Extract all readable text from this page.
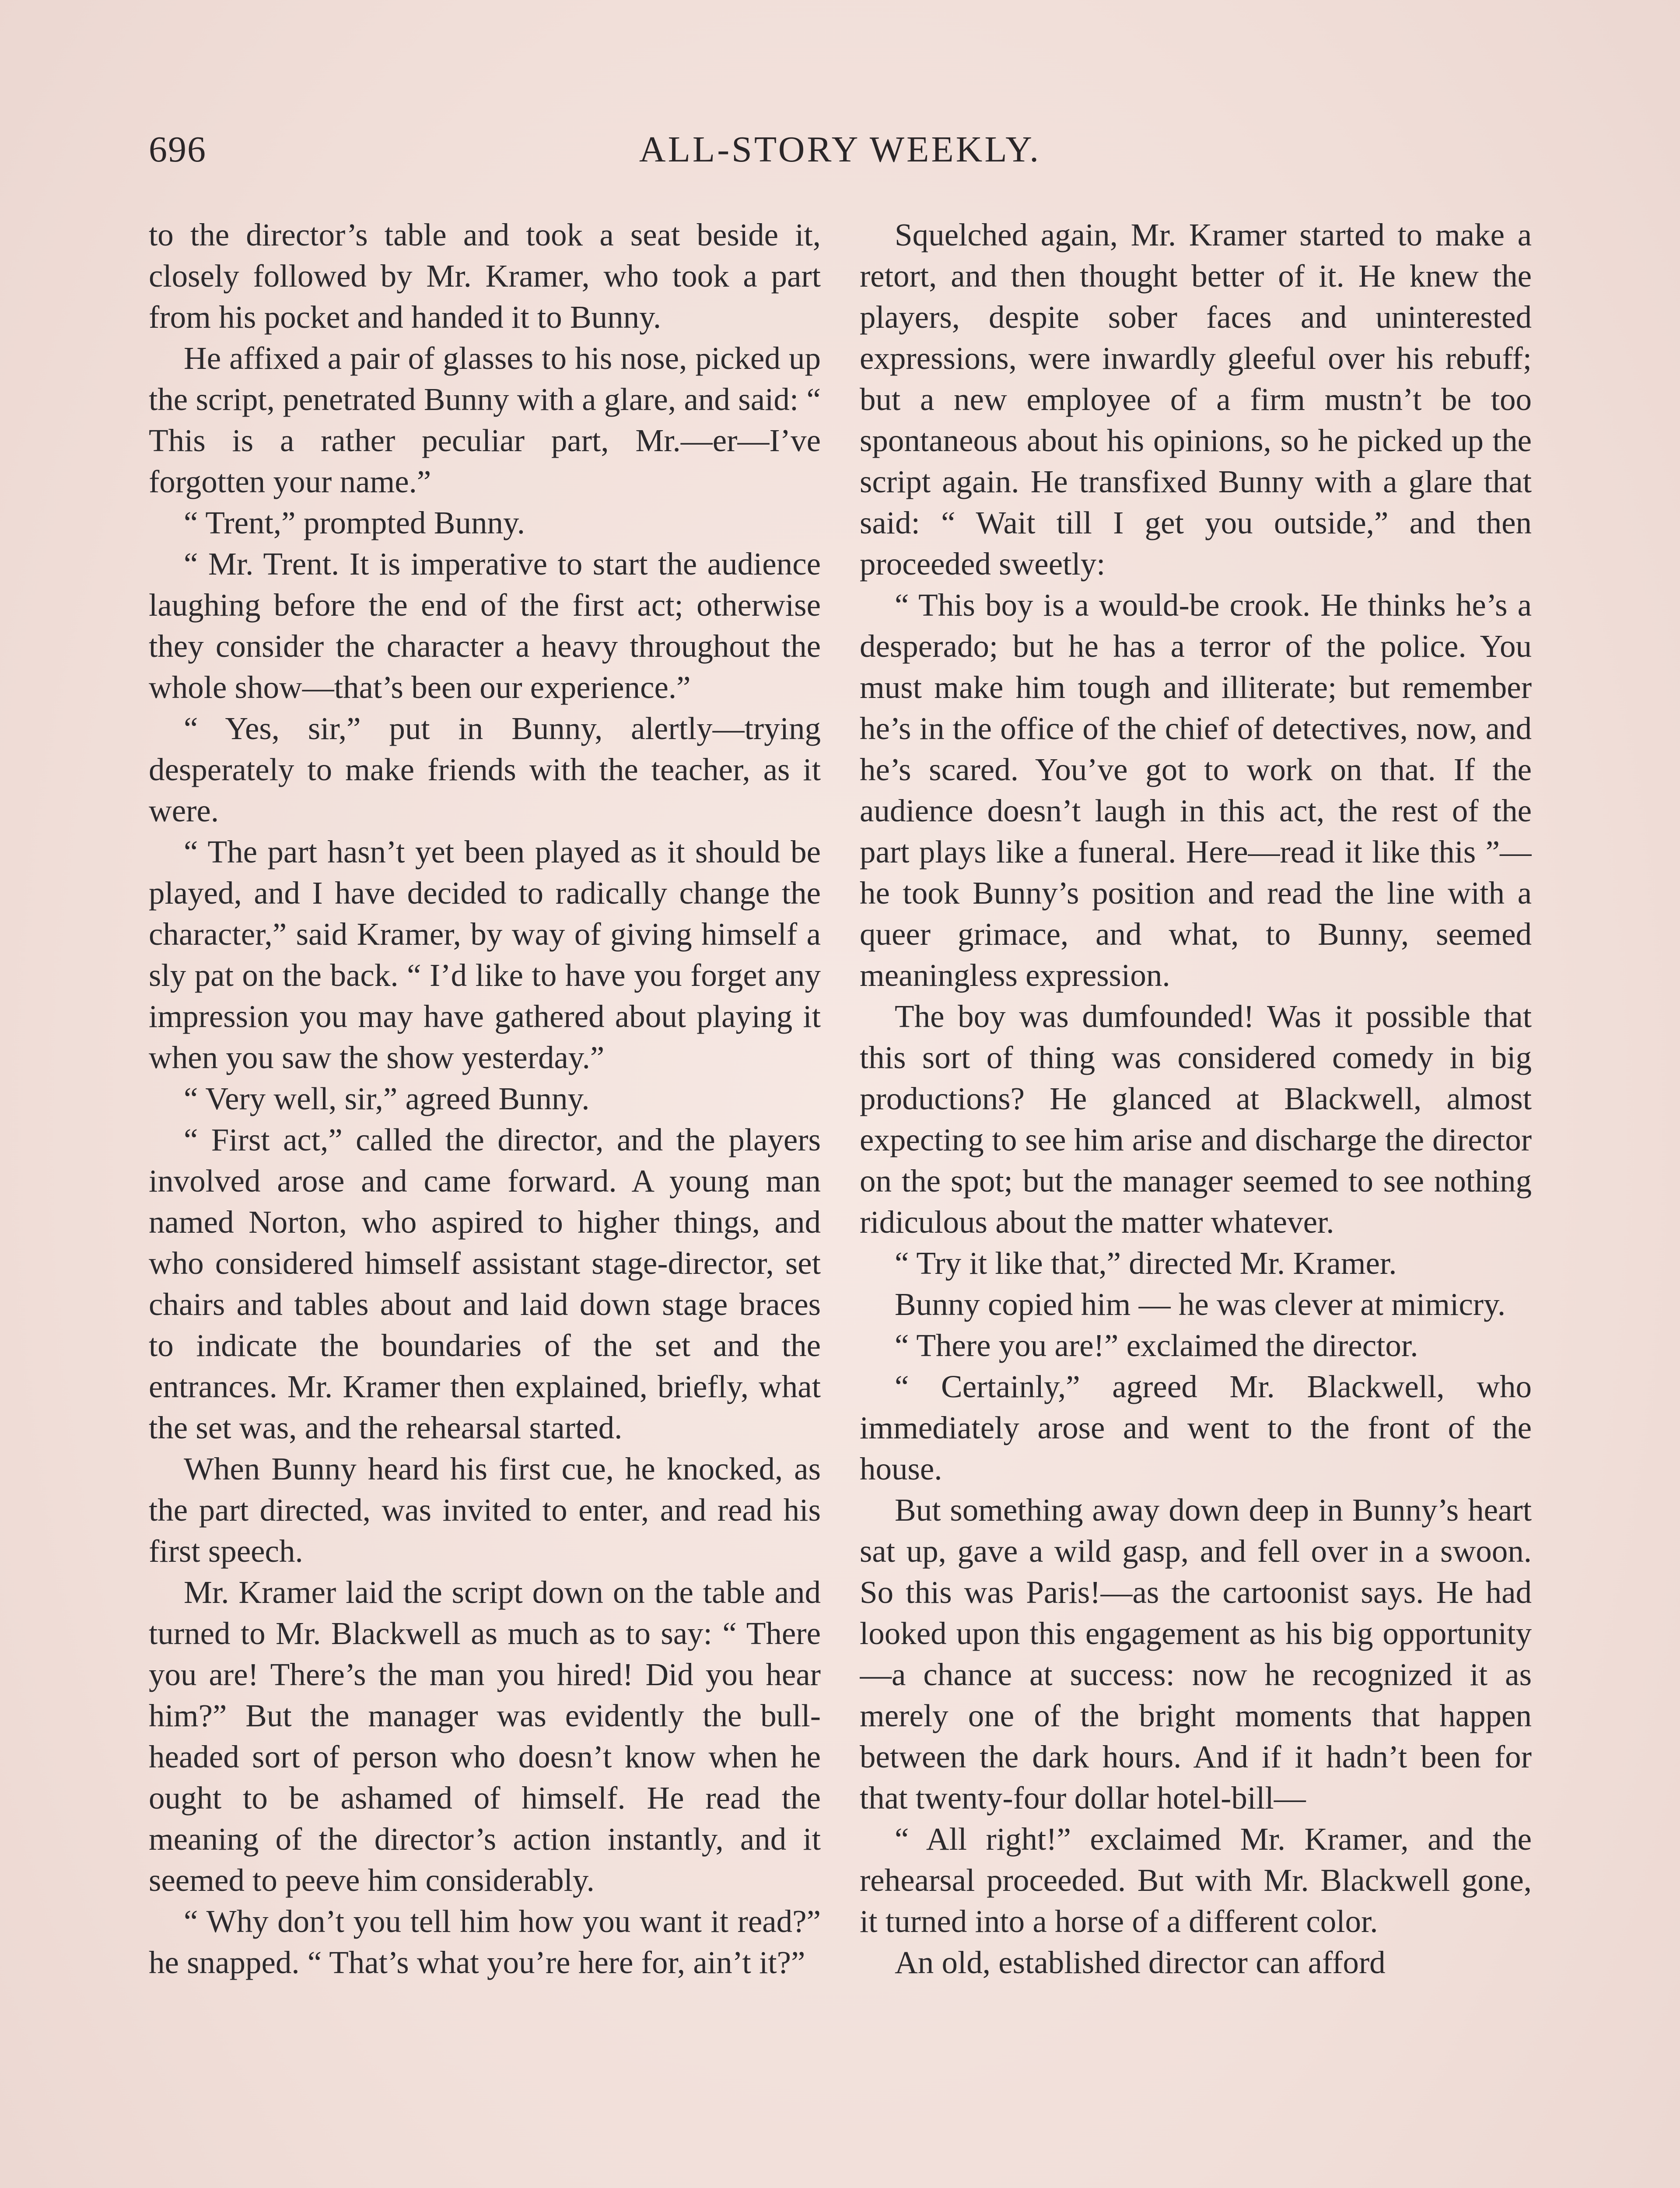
696	ALL-STORY WEEKLY.

to the director’s table and took a seat beside it, closely followed by Mr. Kramer, who took a part from his pocket and handed it to Bunny.

He affixed a pair of glasses to his nose, picked up the script, penetrated Bunny with a glare, and said: “ This is a rather peculiar part, Mr.—er—I’ve forgotten your name.”

“ Trent,” prompted Bunny.

“ Mr. Trent. It is imperative to start the audience laughing before the end of the first act; otherwise they consider the character a heavy throughout the whole show—that’s been our experience.”

“ Yes, sir,” put in Bunny, alertly—trying desperately to make friends with the teacher, as it were.

“ The part hasn’t yet been played as it should be played, and I have decided to radically change the character,” said Kramer, by way of giving himself a sly pat on the back. “ I’d like to have you forget any impression you may have gathered about playing it when you saw the show yesterday.”

“ Very well, sir,” agreed Bunny.

“ First act,” called the director, and the players involved arose and came forward. A young man named Norton, who aspired to higher things, and who considered himself assistant stage-director, set chairs and tables about and laid down stage braces to indicate the boundaries of the set and the entrances. Mr. Kramer then explained, briefly, what the set was, and the rehearsal started.

When Bunny heard his first cue, he knocked, as the part directed, was invited to enter, and read his first speech.

Mr. Kramer laid the script down on the table and turned to Mr. Blackwell as much as to say: “ There you are! There’s the man you hired! Did you hear him?” But the manager was evidently the bull-headed sort of person who doesn’t know when he ought to be ashamed of himself. He read the meaning of the director’s action instantly, and it seemed to peeve him considerably.

“ Why don’t you tell him how you want it read?” he snapped. “ That’s what you’re here for, ain’t it?”

Squelched again, Mr. Kramer started to make a retort, and then thought better of it. He knew the players, despite sober faces and uninterested expressions, were inwardly gleeful over his rebuff; but a new employee of a firm mustn’t be too spontaneous about his opinions, so he picked up the script again. He transfixed Bunny with a glare that said: “ Wait till I get you outside,” and then proceeded sweetly:

“ This boy is a would-be crook. He thinks he’s a desperado; but he has a terror of the police. You must make him tough and illiterate; but remember he’s in the office of the chief of detectives, now, and he’s scared. You’ve got to work on that. If the audience doesn’t laugh in this act, the rest of the part plays like a funeral. Here—read it like this ”—he took Bunny’s position and read the line with a queer grimace, and what, to Bunny, seemed meaningless expression.

The boy was dumfounded! Was it possible that this sort of thing was considered comedy in big productions? He glanced at Blackwell, almost expecting to see him arise and discharge the director on the spot; but the manager seemed to see nothing ridiculous about the matter whatever.

“ Try it like that,” directed Mr. Kramer.

Bunny copied him — he was clever at mimicry.

“ There you are!” exclaimed the director.

“ Certainly,” agreed Mr. Blackwell, who immediately arose and went to the front of the house.

But something away down deep in Bunny’s heart sat up, gave a wild gasp, and fell over in a swoon. So this was Paris!—as the cartoonist says. He had looked upon this engagement as his big opportunity—a chance at success: now he recognized it as merely one of the bright moments that happen between the dark hours. And if it hadn’t been for that twenty-four dollar hotel-bill—

“ All right!” exclaimed Mr. Kramer, and the rehearsal proceeded. But with Mr. Blackwell gone, it turned into a horse of a different color.

An old, established director can afford
